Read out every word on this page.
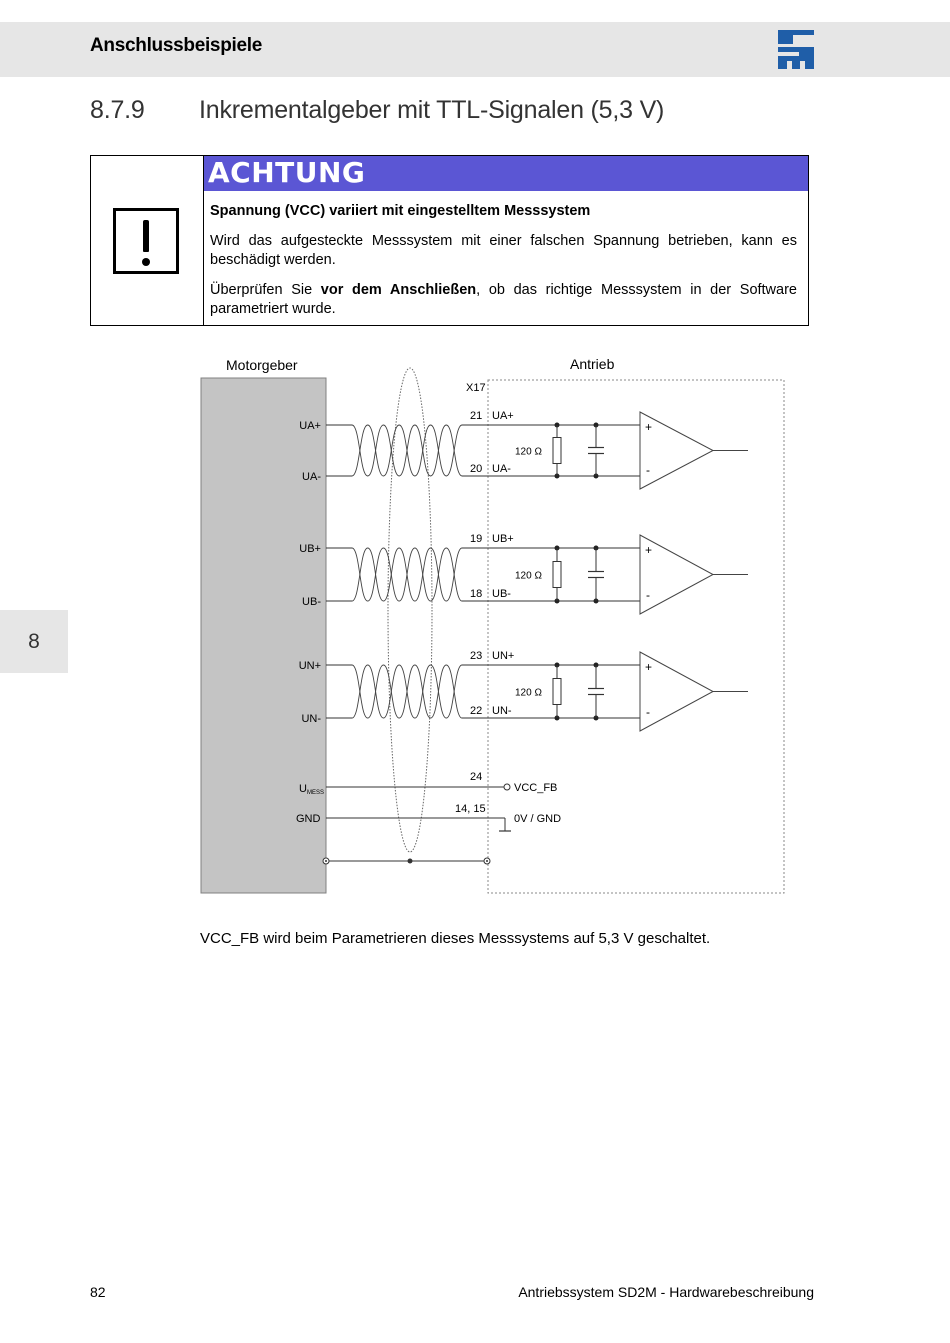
Anschlussbeispiele
8.7.9 Inkrementalgeber mit TTL-Signalen (5,3 V)
ACHTUNG

Spannung (VCC) variiert mit eingestelltem Messsystem

Wird das aufgesteckte Messsystem mit einer falschen Spannung betrieben, kann es beschädigt werden.

Überprüfen Sie vor dem Anschließen, ob das richtige Messsystem in der Software parametriert wurde.

Motorgeber	Antrieb
X17
UA+
UA-
21
20
UA+
UA-
120 Ω
+
-
UB+
UB-
19
18
UB+
UB-
120 Ω
+
-
UN+
UN-
23
22
UN+
UN-
120 Ω
+
-
UMESS
24
VCC_FB
GND
14, 15
0V / GND
VCC_FB wird beim Parametrieren dieses Messsystems auf 5,3 V geschaltet.
8
82	Antriebssystem SD2M - Hardwarebeschreibung
